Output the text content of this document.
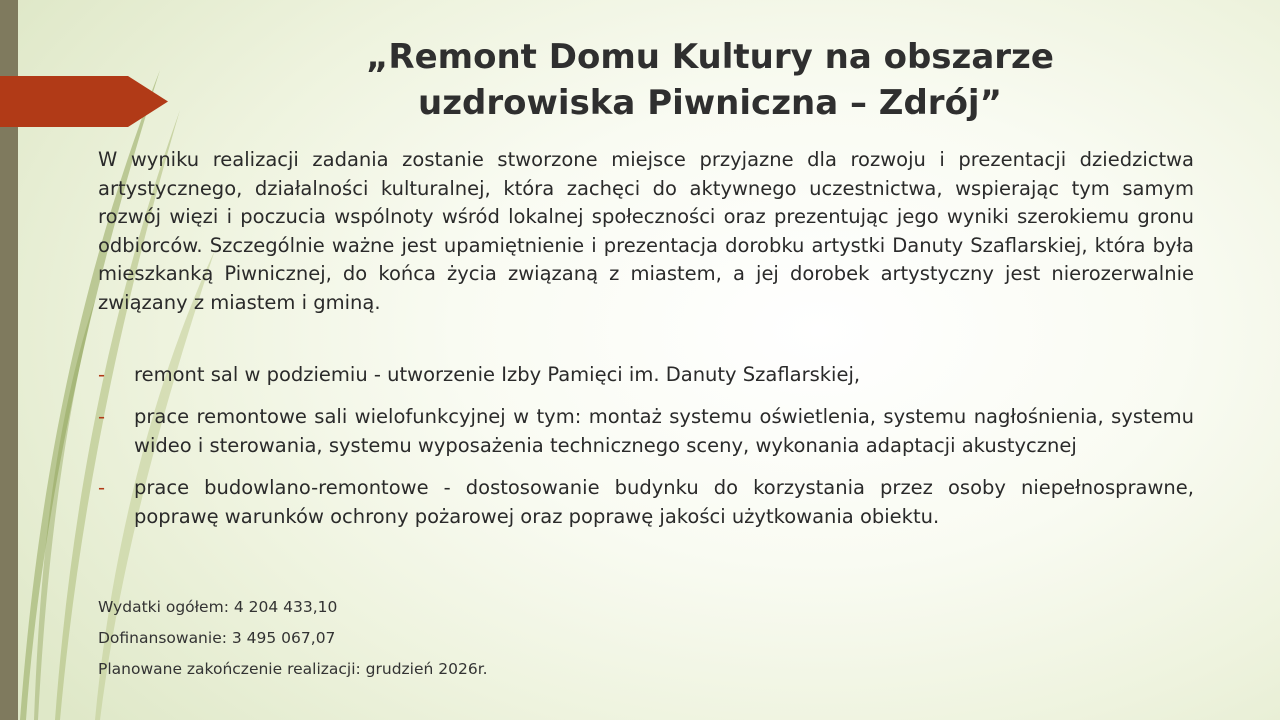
„Remont Domu Kultury na obszarze
uzdrowiska Piwniczna – Zdrój”

W wyniku realizacji zadania zostanie stworzone miejsce przyjazne dla rozwoju i prezentacji dziedzictwa artystycznego, działalności kulturalnej, która zachęci do aktywnego uczestnictwa, wspierając tym samym rozwój więzi i poczucia wspólnoty wśród lokalnej społeczności oraz prezentując jego wyniki szerokiemu gronu odbiorców. Szczególnie ważne jest upamiętnienie i prezentacja dorobku artystki Danuty Szaflarskiej, która była mieszkanką Piwnicznej, do końca życia związaną z miastem, a jej dorobek artystyczny jest nierozerwalnie związany z miastem i gminą.

- remont sal w podziemiu - utworzenie Izby Pamięci im. Danuty Szaflarskiej,
- prace remontowe sali wielofunkcyjnej w tym: montaż systemu oświetlenia, systemu nagłośnienia, systemu wideo i sterowania, systemu wyposażenia technicznego sceny, wykonania adaptacji akustycznej
- prace budowlano-remontowe - dostosowanie budynku do korzystania przez osoby niepełnosprawne, poprawę warunków ochrony pożarowej oraz poprawę jakości użytkowania obiektu.

Wydatki ogółem: 4 204 433,10

Dofinansowanie: 3 495 067,07

Planowane zakończenie realizacji: grudzień 2026r.
